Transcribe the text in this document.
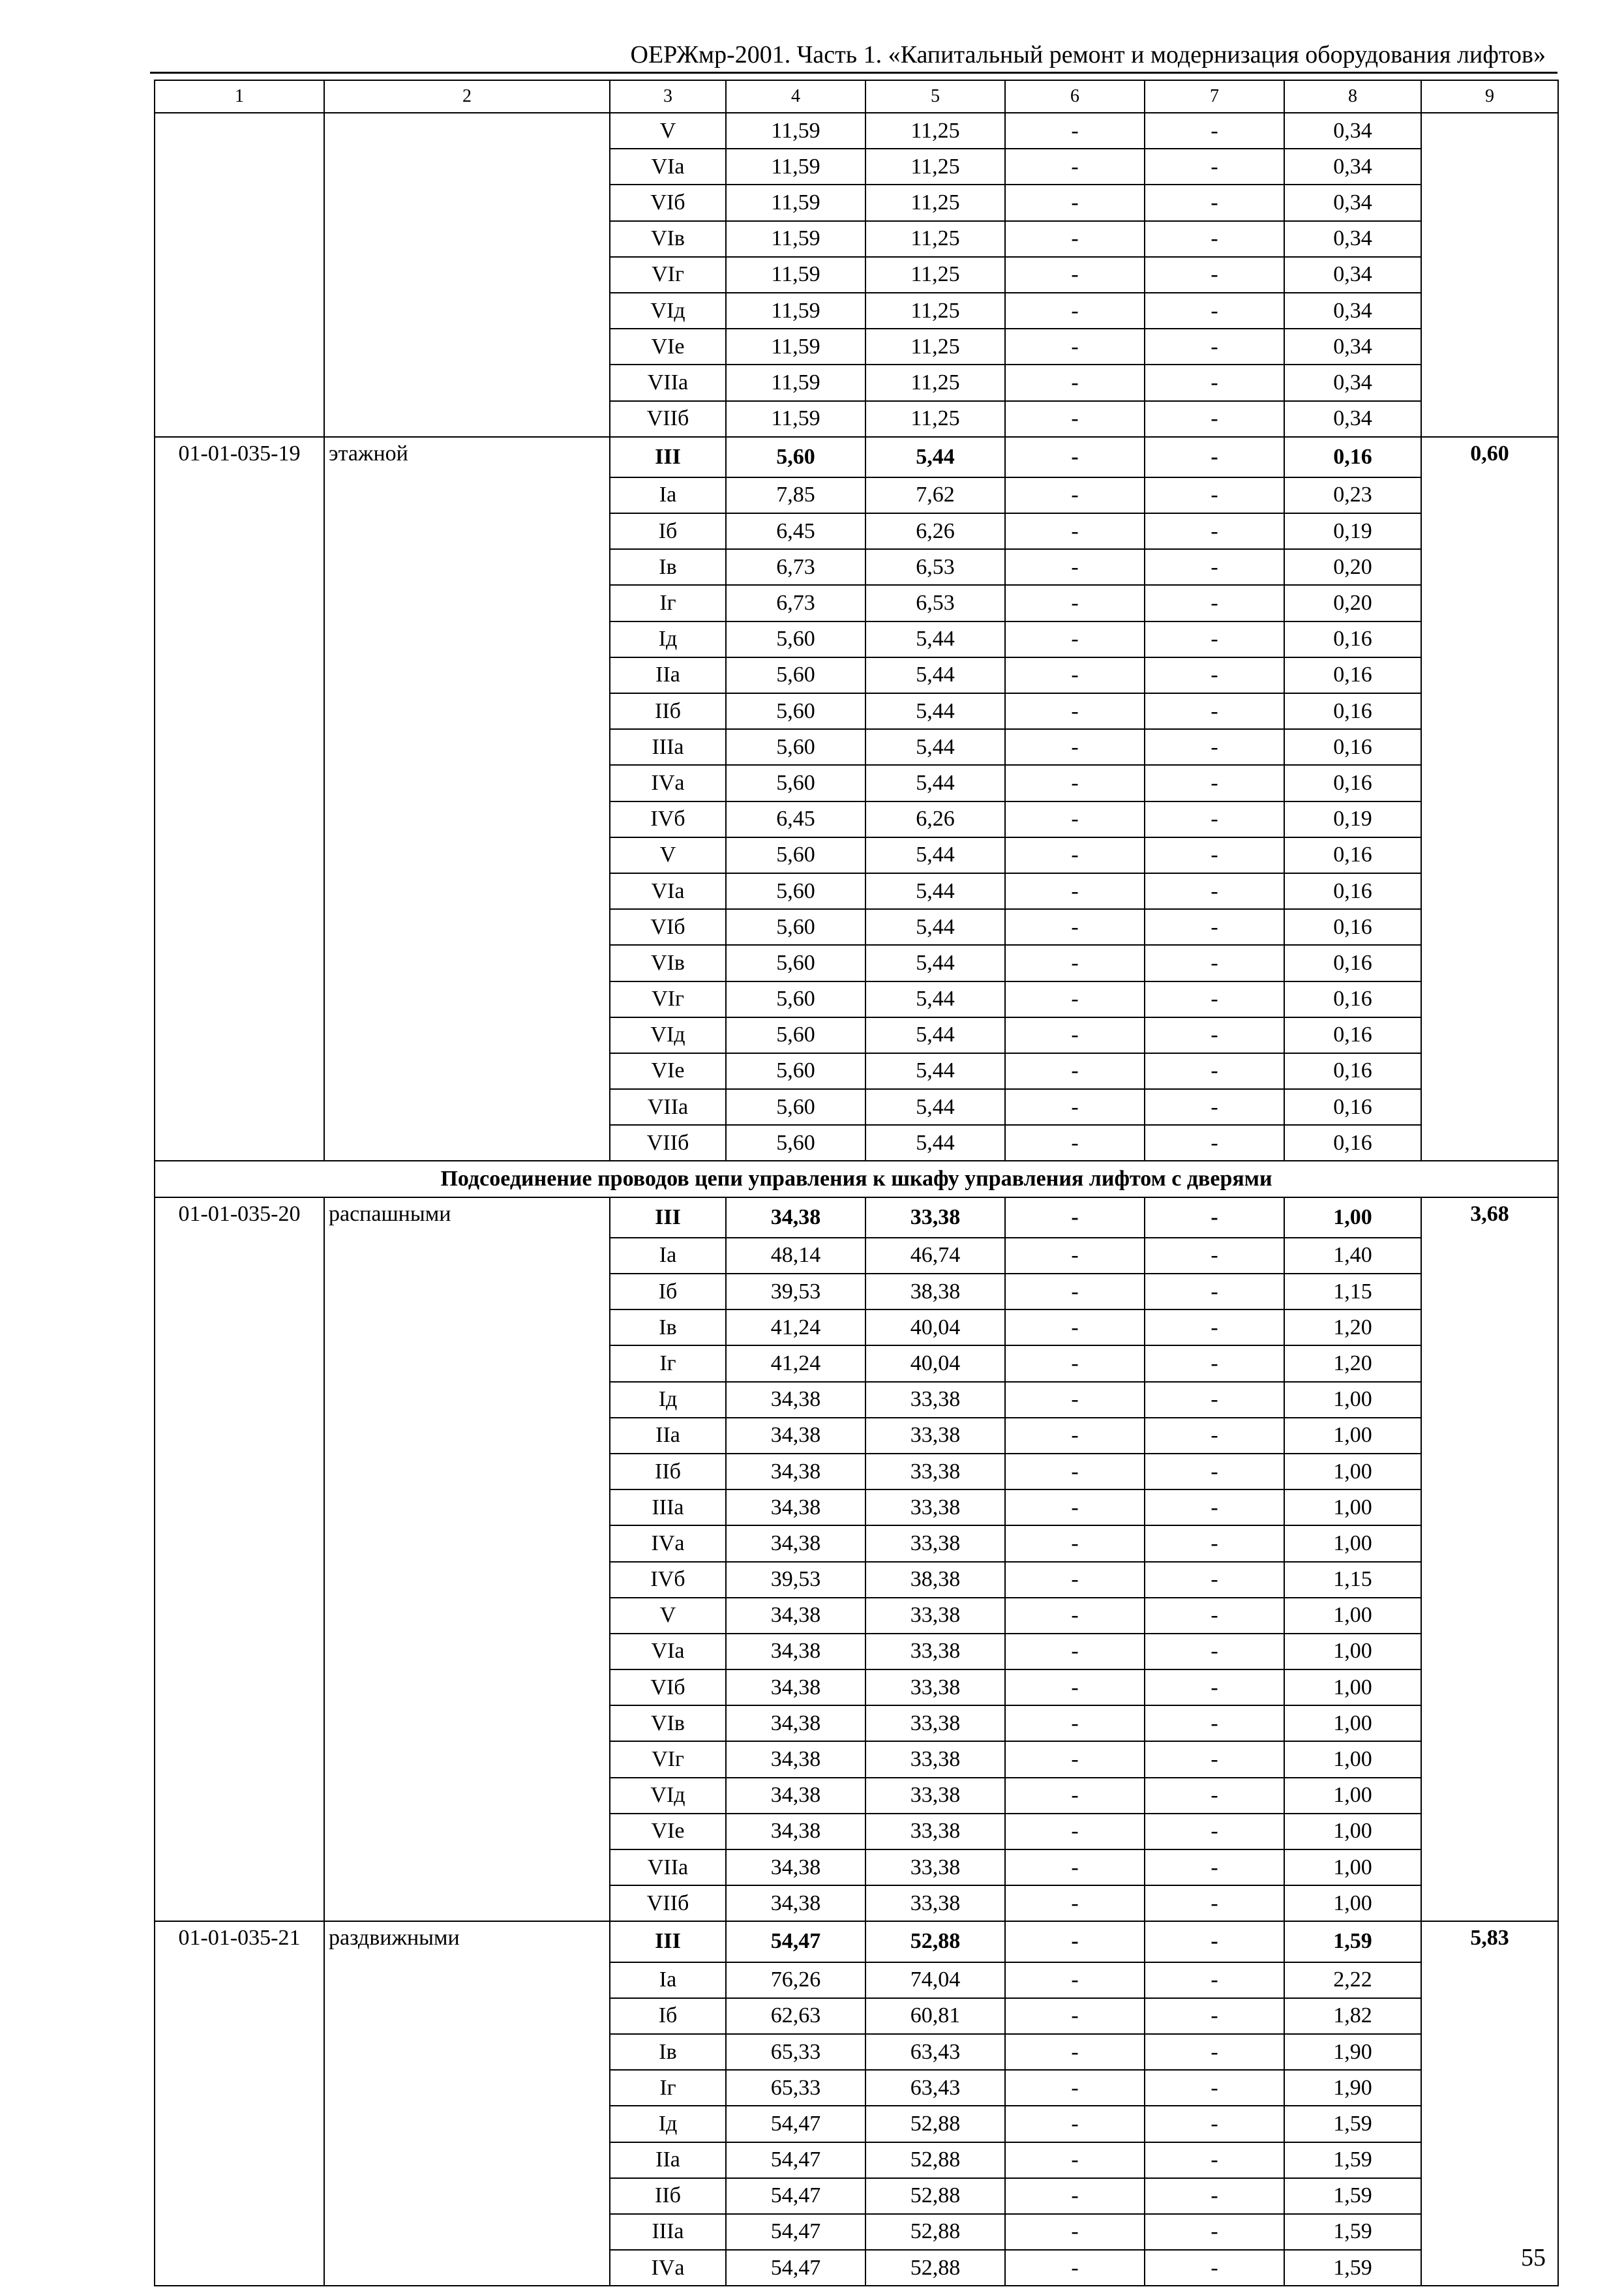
ОЕРЖмр-2001. Часть 1. «Капитальный ремонт и модернизация оборудования лифтов»
1	2	3	4	5	6	7	8	9
		V	11,59	11,25	-	-	0,34	
		VIа	11,59	11,25	-	-	0,34	
		VIб	11,59	11,25	-	-	0,34	
		VIв	11,59	11,25	-	-	0,34	
		VIг	11,59	11,25	-	-	0,34	
		VIд	11,59	11,25	-	-	0,34	
		VIе	11,59	11,25	-	-	0,34	
		VIIа	11,59	11,25	-	-	0,34	
		VIIб	11,59	11,25	-	-	0,34	
01-01-035-19	этажной	III	5,60	5,44	-	-	0,16	0,60
		Iа	7,85	7,62	-	-	0,23	
		Iб	6,45	6,26	-	-	0,19	
		Iв	6,73	6,53	-	-	0,20	
		Iг	6,73	6,53	-	-	0,20	
		Iд	5,60	5,44	-	-	0,16	
		IIа	5,60	5,44	-	-	0,16	
		IIб	5,60	5,44	-	-	0,16	
		IIIа	5,60	5,44	-	-	0,16	
		IVа	5,60	5,44	-	-	0,16	
		IVб	6,45	6,26	-	-	0,19	
		V	5,60	5,44	-	-	0,16	
		VIа	5,60	5,44	-	-	0,16	
		VIб	5,60	5,44	-	-	0,16	
		VIв	5,60	5,44	-	-	0,16	
		VIг	5,60	5,44	-	-	0,16	
		VIд	5,60	5,44	-	-	0,16	
		VIе	5,60	5,44	-	-	0,16	
		VIIа	5,60	5,44	-	-	0,16	
		VIIб	5,60	5,44	-	-	0,16	
Подсоединение проводов цепи управления к шкафу управления лифтом с дверями								
01-01-035-20	распашными	III	34,38	33,38	-	-	1,00	3,68
		Iа	48,14	46,74	-	-	1,40	
		Iб	39,53	38,38	-	-	1,15	
		Iв	41,24	40,04	-	-	1,20	
		Iг	41,24	40,04	-	-	1,20	
		Iд	34,38	33,38	-	-	1,00	
		IIа	34,38	33,38	-	-	1,00	
		IIб	34,38	33,38	-	-	1,00	
		IIIа	34,38	33,38	-	-	1,00	
		IVа	34,38	33,38	-	-	1,00	
		IVб	39,53	38,38	-	-	1,15	
		V	34,38	33,38	-	-	1,00	
		VIа	34,38	33,38	-	-	1,00	
		VIб	34,38	33,38	-	-	1,00	
		VIв	34,38	33,38	-	-	1,00	
		VIг	34,38	33,38	-	-	1,00	
		VIд	34,38	33,38	-	-	1,00	
		VIе	34,38	33,38	-	-	1,00	
		VIIа	34,38	33,38	-	-	1,00	
		VIIб	34,38	33,38	-	-	1,00	
01-01-035-21	раздвижными	III	54,47	52,88	-	-	1,59	5,83
		Iа	76,26	74,04	-	-	2,22	
		Iб	62,63	60,81	-	-	1,82	
		Iв	65,33	63,43	-	-	1,90	
		Iг	65,33	63,43	-	-	1,90	
		Iд	54,47	52,88	-	-	1,59	
		IIа	54,47	52,88	-	-	1,59	
		IIб	54,47	52,88	-	-	1,59	
		IIIа	54,47	52,88	-	-	1,59	
		IVа	54,47	52,88	-	-	1,59		55
